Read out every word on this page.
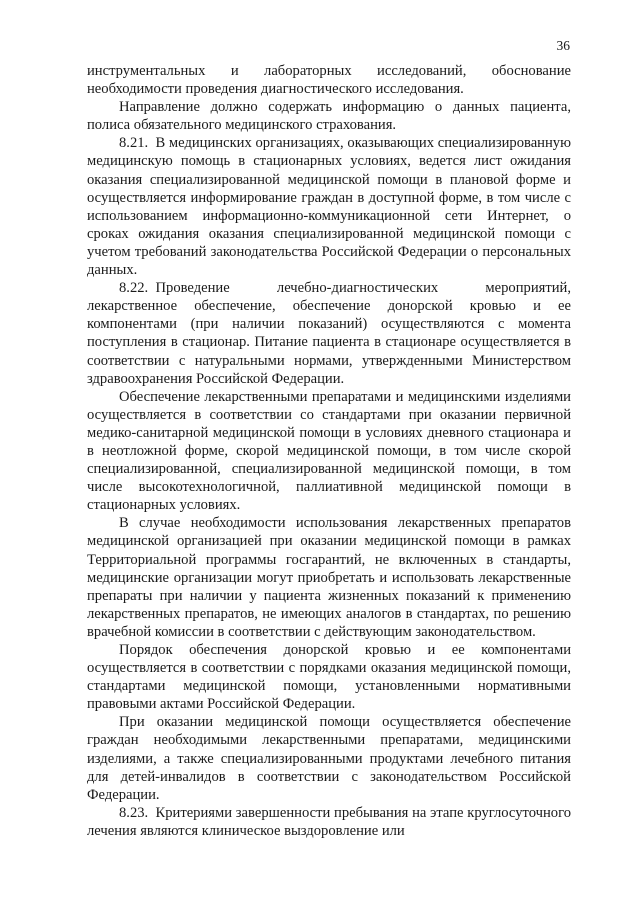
36

инструментальных и лабораторных исследований, обоснование необходимости проведения диагностического исследования.

Направление должно содержать информацию о данных пациента, полиса обязательного медицинского страхования.

8.21. В медицинских организациях, оказывающих специализированную медицинскую помощь в стационарных условиях, ведется лист ожидания оказания специализированной медицинской помощи в плановой форме и осуществляется информирование граждан в доступной форме, в том числе с использованием информационно-коммуникационной сети Интернет, о сроках ожидания оказания специализированной медицинской помощи с учетом требований законодательства Российской Федерации о персональных данных.

8.22. Проведение лечебно-диагностических мероприятий, лекарственное обеспечение, обеспечение донорской кровью и ее компонентами (при наличии показаний) осуществляются с момента поступления в стационар. Питание пациента в стационаре осуществляется в соответствии с натуральными нормами, утвержденными Министерством здравоохранения Российской Федерации.

Обеспечение лекарственными препаратами и медицинскими изделиями осуществляется в соответствии со стандартами при оказании первичной медико-санитарной медицинской помощи в условиях дневного стационара и в неотложной форме, скорой медицинской помощи, в том числе скорой специализированной, специализированной медицинской помощи, в том числе высокотехнологичной, паллиативной медицинской помощи в стационарных условиях.

В случае необходимости использования лекарственных препаратов медицинской организацией при оказании медицинской помощи в рамках Территориальной программы госгарантий, не включенных в стандарты, медицинские организации могут приобретать и использовать лекарственные препараты при наличии у пациента жизненных показаний к применению лекарственных препаратов, не имеющих аналогов в стандартах, по решению врачебной комиссии в соответствии с действующим законодательством.

Порядок обеспечения донорской кровью и ее компонентами осуществляется в соответствии с порядками оказания медицинской помощи, стандартами медицинской помощи, установленными нормативными правовыми актами Российской Федерации.

При оказании медицинской помощи осуществляется обеспечение граждан необходимыми лекарственными препаратами, медицинскими изделиями, а также специализированными продуктами лечебного питания для детей-инвалидов в соответствии с законодательством Российской Федерации.

8.23. Критериями завершенности пребывания на этапе круглосуточного лечения являются клиническое выздоровление или
